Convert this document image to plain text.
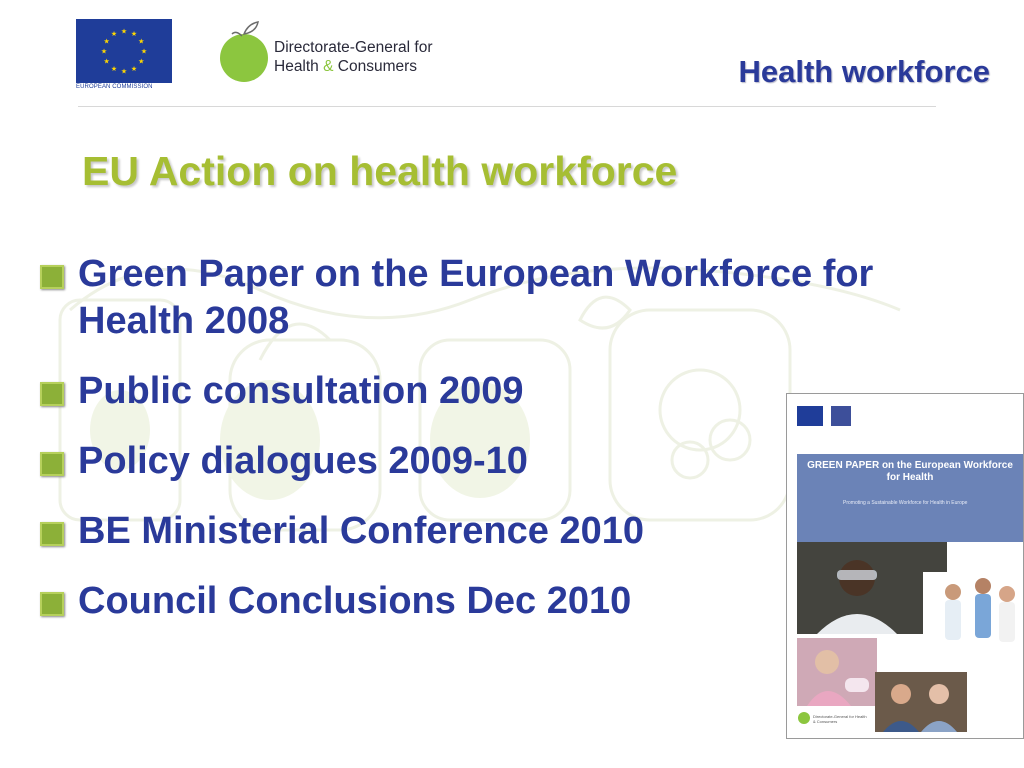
★ ★
★
★
★
★
★
★
★
★
★
★
EUROPEAN COMMISSION
Directorate-General for
Health & Consumers	Health workforce
EU Action on health workforce
Green Paper on the European Workforce for Health 2008
Public consultation 2009
Policy dialogues 2009-10
BE Ministerial Conference 2010
Council Conclusions Dec 2010
GREEN PAPER on the European Workforce for Health
Promoting a Sustainable Workforce for Health in Europe
Directorate-General for Health & Consumers
